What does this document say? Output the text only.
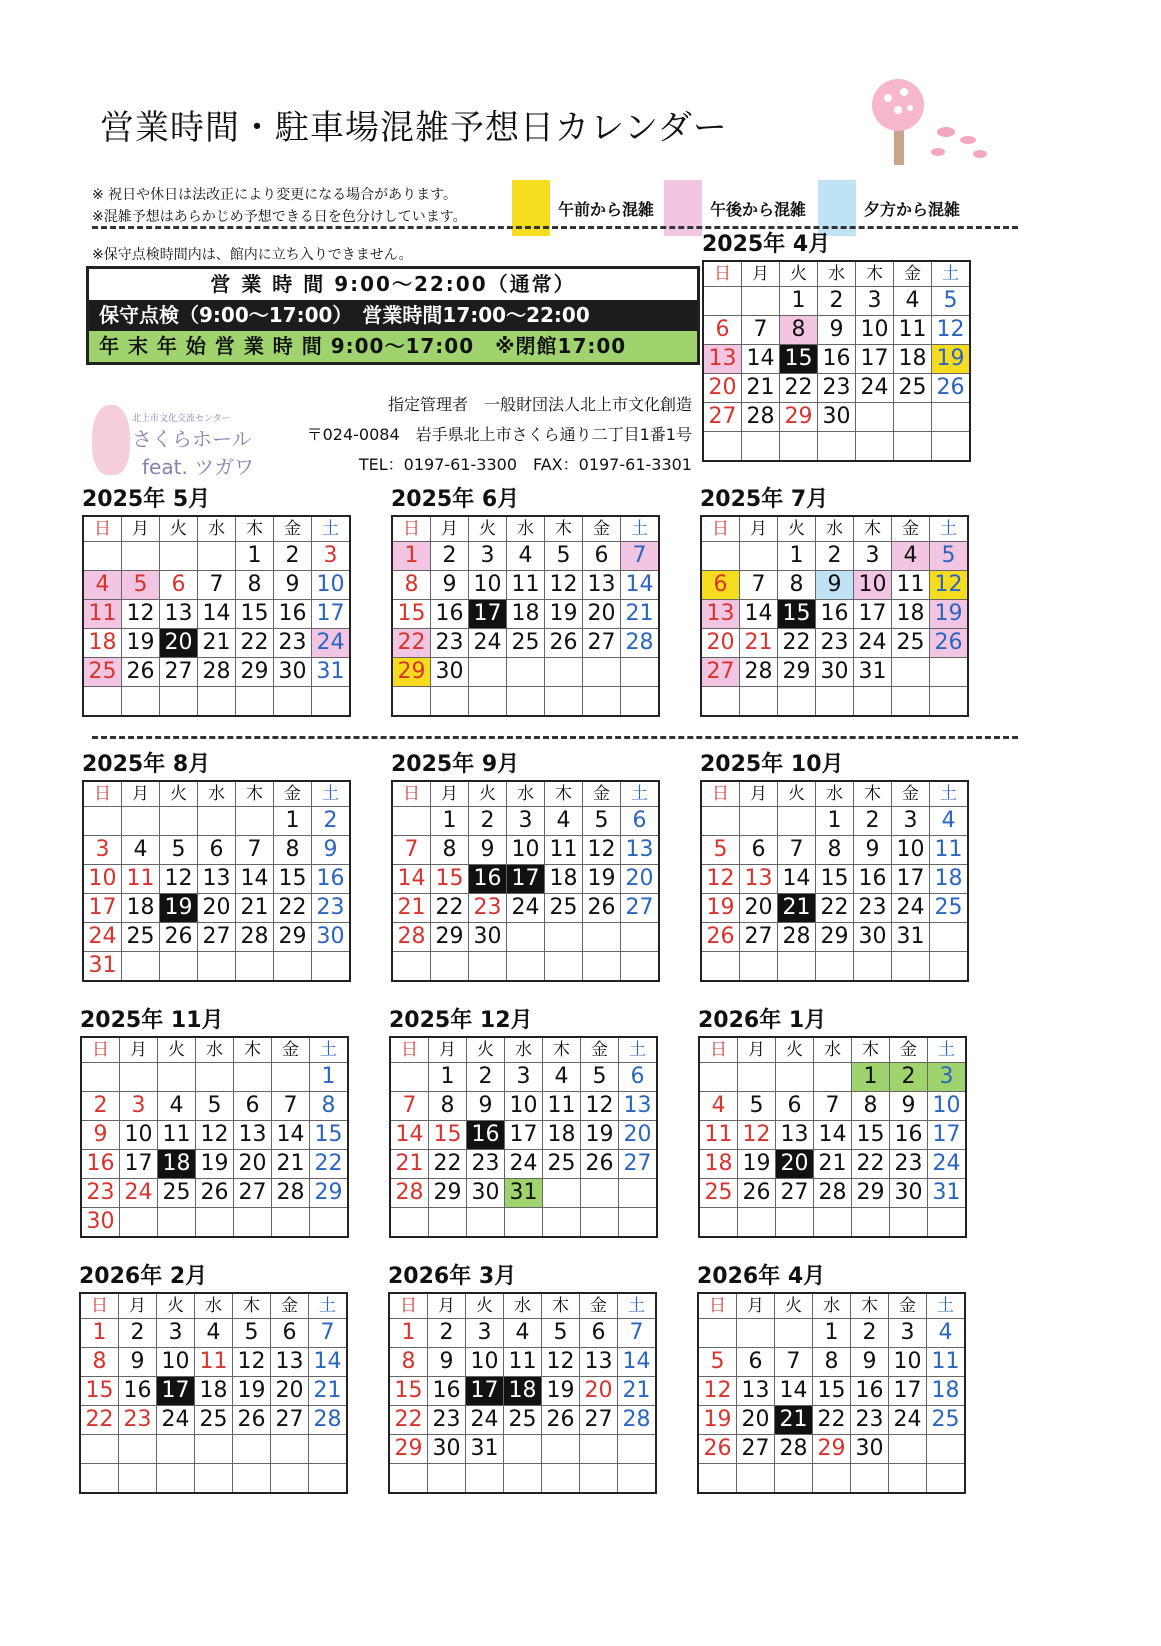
営業時間・駐車場混雑予想日カレンダー
※ 祝日や休日は法改正により変更になる場合があります。
※混雑予想はあらかじめ予想できる日を色分けしています。	午前から混雑	午後から混雑	夕方から混雑
※保守点検時間内は、館内に立ち入りできません。
営 業 時 間 9:00～22:00（通常）
保守点検（9:00～17:00）　営業時間17:00～22:00
年 末 年 始 営 業 時 間 9:00～17:00　※閉館17:00
北上市文化交流センター
さくらホール
feat. ツガワ
指定管理者　一般財団法人北上市文化創造
〒024-0084　岩手県北上市さくら通り二丁目1番1号
TEL：0197-61-3300　FAX：0197-61-3301
2025年 4月
日	月	火	水	木	金	土
		1	2	3	4	5
6	7	8	9	10	11	12
13	14	15	16	17	18	19
20	21	22	23	24	25	26
27	28	29	30			

2025年 5月
日	月	火	水	木	金	土
				1	2	3
4	5	6	7	8	9	10
11	12	13	14	15	16	17
18	19	20	21	22	23	24
25	26	27	28	29	30	31

2025年 6月
日	月	火	水	木	金	土
1	2	3	4	5	6	7
8	9	10	11	12	13	14
15	16	17	18	19	20	21
22	23	24	25	26	27	28
29	30					

2025年 7月
日	月	火	水	木	金	土
		1	2	3	4	5
6	7	8	9	10	11	12
13	14	15	16	17	18	19
20	21	22	23	24	25	26
27	28	29	30	31		

2025年 8月
日	月	火	水	木	金	土
					1	2
3	4	5	6	7	8	9
10	11	12	13	14	15	16
17	18	19	20	21	22	23
24	25	26	27	28	29	30
31						
2025年 9月
日	月	火	水	木	金	土
	1	2	3	4	5	6
7	8	9	10	11	12	13
14	15	16	17	18	19	20
21	22	23	24	25	26	27
28	29	30				

2025年 10月
日	月	火	水	木	金	土
			1	2	3	4
5	6	7	8	9	10	11
12	13	14	15	16	17	18
19	20	21	22	23	24	25
26	27	28	29	30	31	

2025年 11月
日	月	火	水	木	金	土
						1
2	3	4	5	6	7	8
9	10	11	12	13	14	15
16	17	18	19	20	21	22
23	24	25	26	27	28	29
30						
2025年 12月
日	月	火	水	木	金	土
	1	2	3	4	5	6
7	8	9	10	11	12	13
14	15	16	17	18	19	20
21	22	23	24	25	26	27
28	29	30	31			

2026年 1月
日	月	火	水	木	金	土
				1	2	3
4	5	6	7	8	9	10
11	12	13	14	15	16	17
18	19	20	21	22	23	24
25	26	27	28	29	30	31

2026年 2月
日	月	火	水	木	金	土
1	2	3	4	5	6	7
8	9	10	11	12	13	14
15	16	17	18	19	20	21
22	23	24	25	26	27	28

2026年 3月
日	月	火	水	木	金	土
1	2	3	4	5	6	7
8	9	10	11	12	13	14
15	16	17	18	19	20	21
22	23	24	25	26	27	28
29	30	31				

2026年 4月
日	月	火	水	木	金	土
			1	2	3	4
5	6	7	8	9	10	11
12	13	14	15	16	17	18
19	20	21	22	23	24	25
26	27	28	29	30		
